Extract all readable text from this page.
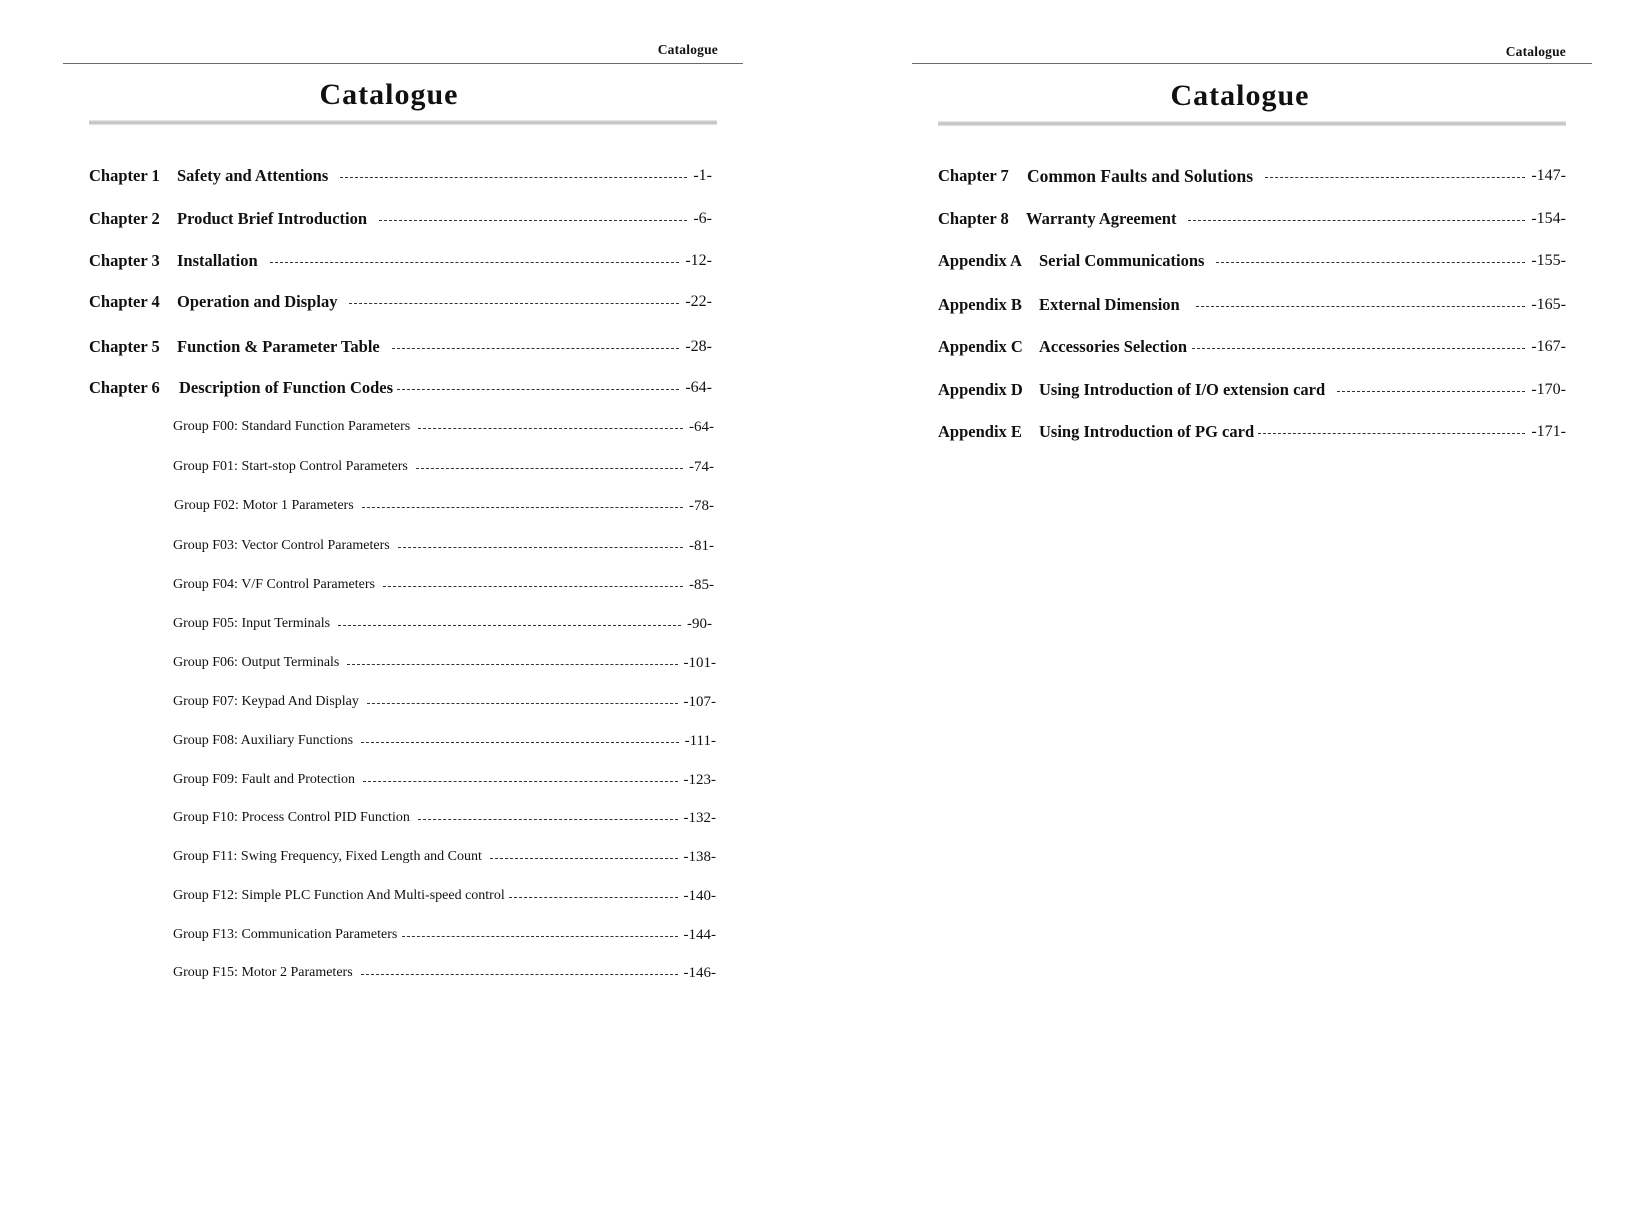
Catalogue
Catalogue
Chapter 1	Safety and Attentions	-1-
Chapter 2	Product Brief Introduction	-6-
Chapter 3	Installation	-12-
Chapter 4	Operation and Display	-22-
Chapter 5	Function & Parameter Table	-28-
Chapter 6	Description of Function Codes	-64-
Group F00: Standard Function Parameters	-64-
Group F01: Start-stop Control Parameters	-74-
Group F02: Motor 1 Parameters	-78-
Group F03: Vector Control Parameters	-81-
Group F04: V/F Control Parameters	-85-
Group F05: Input Terminals	-90-
Group F06: Output Terminals	-101-
Group F07: Keypad And Display	-107-
Group F08: Auxiliary Functions	-111-
Group F09: Fault and Protection	-123-
Group F10: Process Control PID Function	-132-
Group F11: Swing Frequency, Fixed Length and Count	-138-
Group F12: Simple PLC Function And Multi-speed control	-140-
Group F13: Communication Parameters	-144-
Group F15: Motor 2 Parameters	-146-
Catalogue
Catalogue
Chapter 7	Common Faults and Solutions	-147-
Chapter 8	Warranty Agreement	-154-
Appendix A	Serial Communications	-155-
Appendix B	External Dimension	-165-
Appendix C Accessories Selection	-167-
Appendix D Using Introduction of I/O extension card	-170-
Appendix E	Using Introduction of PG card	-171-
